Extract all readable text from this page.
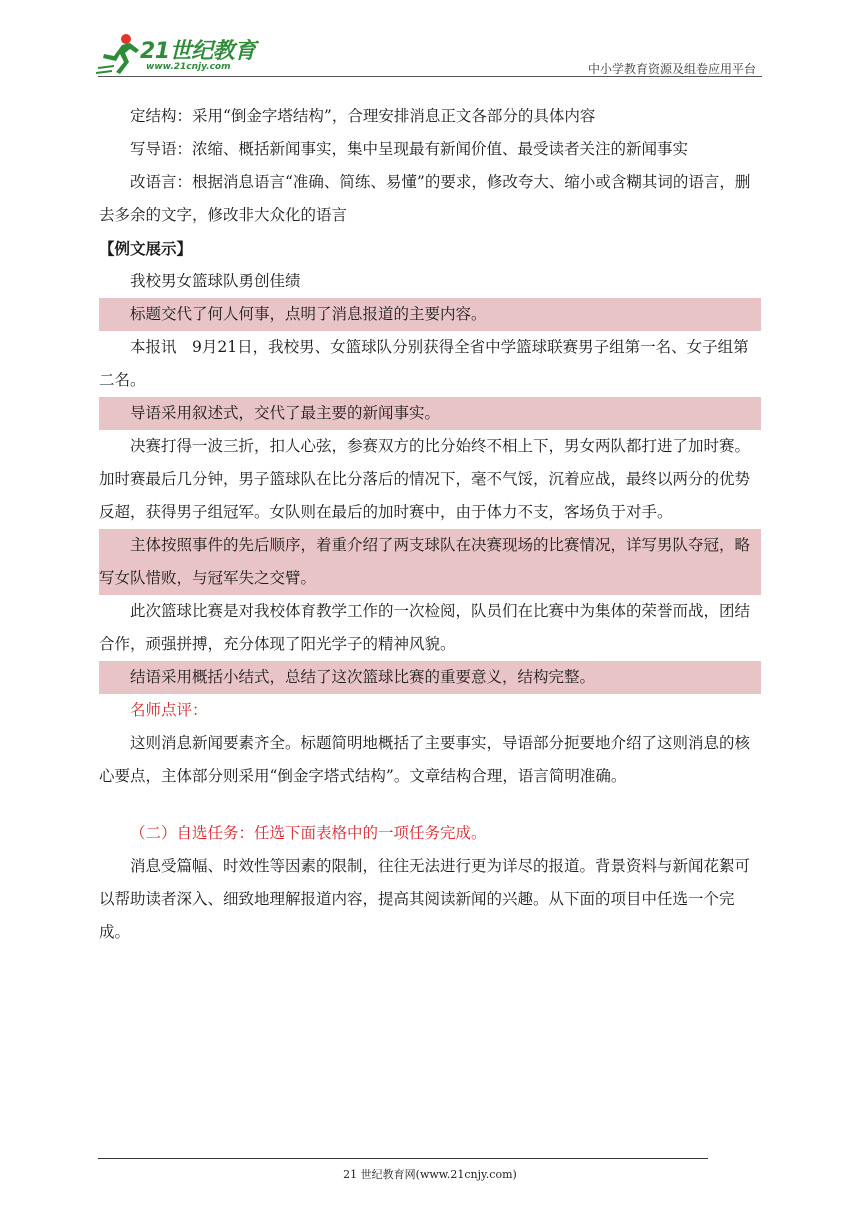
21世纪教育
www.21cnjy.com	中小学教育资源及组卷应用平台

定结构：采用“倒金字塔结构”，合理安排消息正文各部分的具体内容

写导语：浓缩、概括新闻事实，集中呈现最有新闻价值、最受读者关注的新闻事实

改语言：根据消息语言“准确、简练、易懂”的要求，修改夸大、缩小或含糊其词的语言，删去多余的文字，修改非大众化的语言

【例文展示】

我校男女篮球队勇创佳绩

标题交代了何人何事，点明了消息报道的主要内容。

本报讯　9月21日，我校男、女篮球队分别获得全省中学篮球联赛男子组第一名、女子组第二名。

导语采用叙述式，交代了最主要的新闻事实。

决赛打得一波三折，扣人心弦，参赛双方的比分始终不相上下，男女两队都打进了加时赛。加时赛最后几分钟，男子篮球队在比分落后的情况下，毫不气馁，沉着应战，最终以两分的优势反超，获得男子组冠军。女队则在最后的加时赛中，由于体力不支，客场负于对手。

主体按照事件的先后顺序，着重介绍了两支球队在决赛现场的比赛情况，详写男队夺冠，略写女队惜败，与冠军失之交臂。

此次篮球比赛是对我校体育教学工作的一次检阅，队员们在比赛中为集体的荣誉而战，团结合作，顽强拼搏，充分体现了阳光学子的精神风貌。

结语采用概括小结式，总结了这次篮球比赛的重要意义，结构完整。

名师点评：

这则消息新闻要素齐全。标题简明地概括了主要事实，导语部分扼要地介绍了这则消息的核心要点，主体部分则采用“倒金字塔式结构”。文章结构合理，语言简明准确。

（二）自选任务：任选下面表格中的一项任务完成。

消息受篇幅、时效性等因素的限制，往往无法进行更为详尽的报道。背景资料与新闻花絮可以帮助读者深入、细致地理解报道内容，提高其阅读新闻的兴趣。从下面的项目中任选一个完成。

21 世纪教育网(www.21cnjy.com)
